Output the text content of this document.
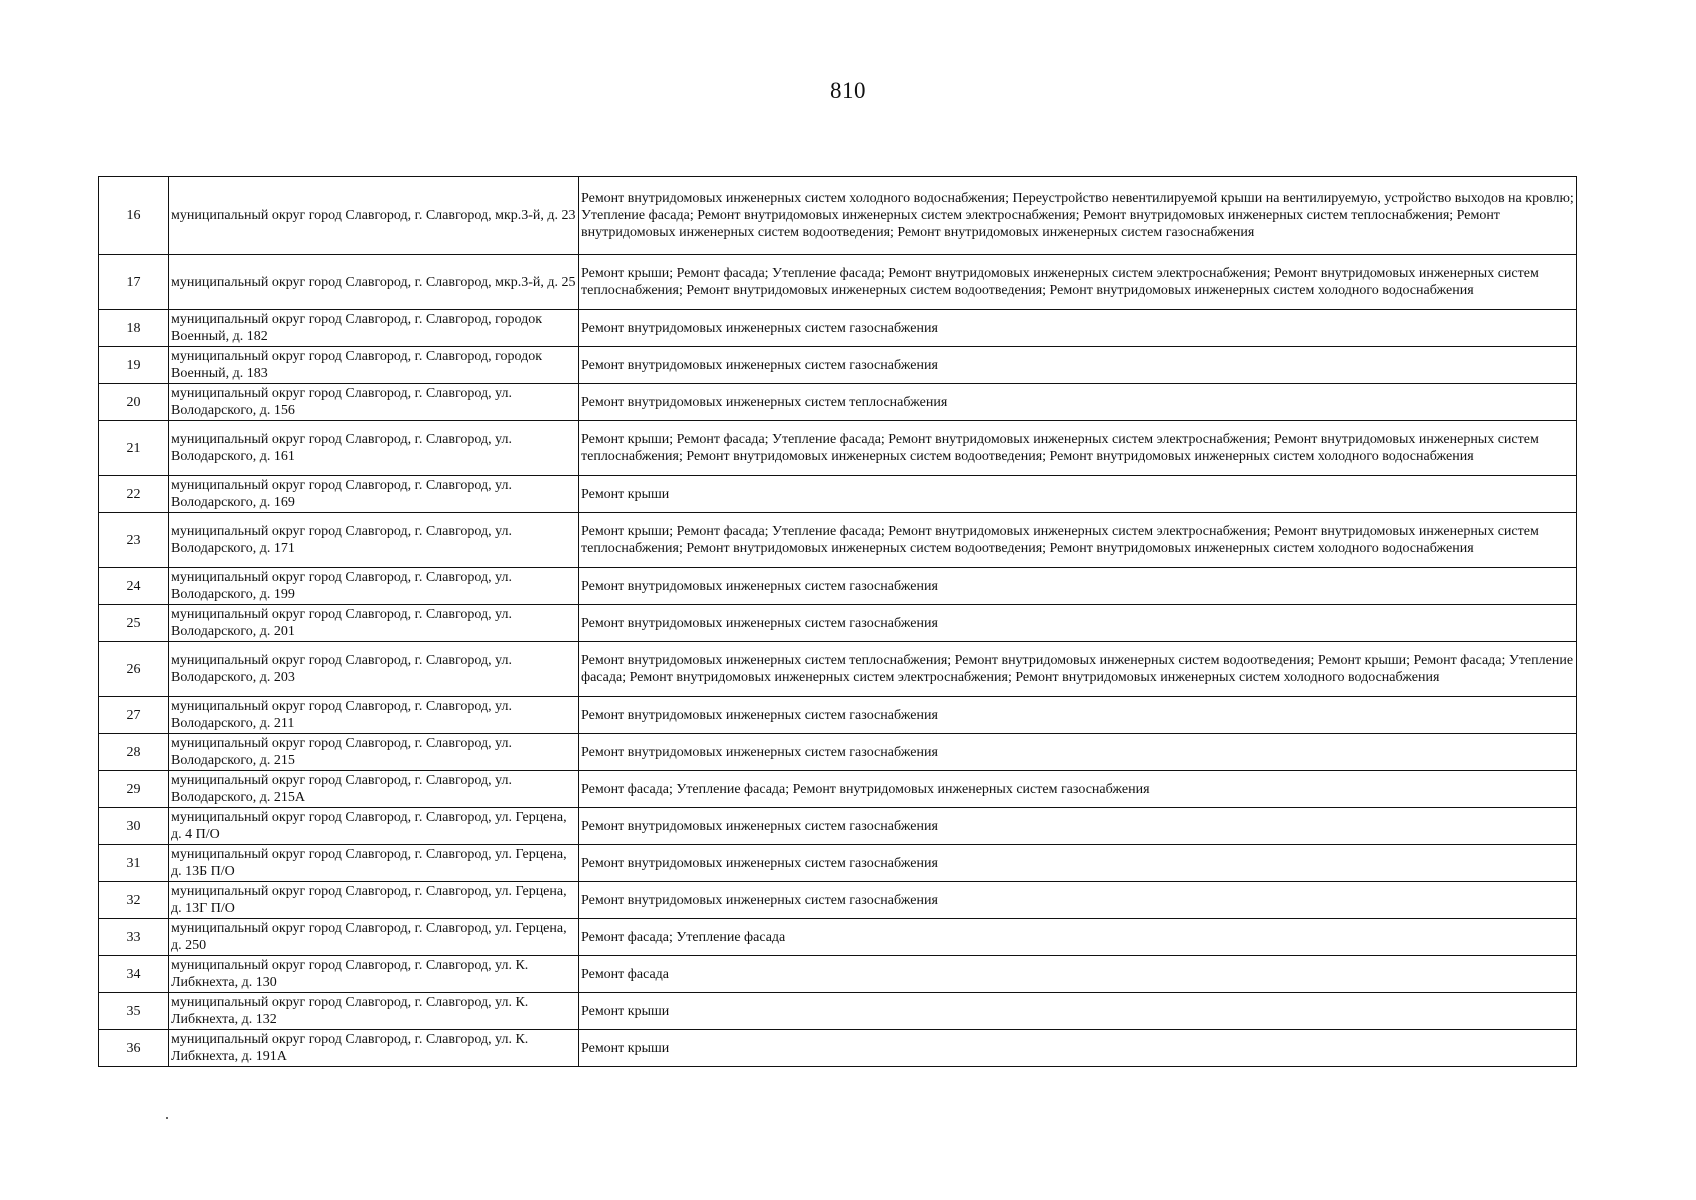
810
16	муниципальный округ город Славгород, г. Славгород, мкр.3-й, д. 23	Ремонт внутридомовых инженерных систем холодного водоснабжения; Переустройство невентилируемой крыши на вентилируемую, устройство выходов на кровлю; Утепление фасада; Ремонт внутридомовых инженерных систем электроснабжения; Ремонт внутридомовых инженерных систем теплоснабжения; Ремонт внутридомовых инженерных систем водоотведения; Ремонт внутридомовых инженерных систем газоснабжения
17	муниципальный округ город Славгород, г. Славгород, мкр.3-й, д. 25	Ремонт крыши; Ремонт фасада; Утепление фасада; Ремонт внутридомовых инженерных систем электроснабжения; Ремонт внутридомовых инженерных систем теплоснабжения; Ремонт внутридомовых инженерных систем водоотведения; Ремонт внутридомовых инженерных систем холодного водоснабжения
18	муниципальный округ город Славгород, г. Славгород, городок Военный, д. 182	Ремонт внутридомовых инженерных систем газоснабжения
19	муниципальный округ город Славгород, г. Славгород, городок Военный, д. 183	Ремонт внутридомовых инженерных систем газоснабжения
20	муниципальный округ город Славгород, г. Славгород, ул. Володарского, д. 156	Ремонт внутридомовых инженерных систем теплоснабжения
21	муниципальный округ город Славгород, г. Славгород, ул. Володарского, д. 161	Ремонт крыши; Ремонт фасада; Утепление фасада; Ремонт внутридомовых инженерных систем электроснабжения; Ремонт внутридомовых инженерных систем теплоснабжения; Ремонт внутридомовых инженерных систем водоотведения; Ремонт внутридомовых инженерных систем холодного водоснабжения
22	муниципальный округ город Славгород, г. Славгород, ул. Володарского, д. 169	Ремонт крыши
23	муниципальный округ город Славгород, г. Славгород, ул. Володарского, д. 171	Ремонт крыши; Ремонт фасада; Утепление фасада; Ремонт внутридомовых инженерных систем электроснабжения; Ремонт внутридомовых инженерных систем теплоснабжения; Ремонт внутридомовых инженерных систем водоотведения; Ремонт внутридомовых инженерных систем холодного водоснабжения
24	муниципальный округ город Славгород, г. Славгород, ул. Володарского, д. 199	Ремонт внутридомовых инженерных систем газоснабжения
25	муниципальный округ город Славгород, г. Славгород, ул. Володарского, д. 201	Ремонт внутридомовых инженерных систем газоснабжения
26	муниципальный округ город Славгород, г. Славгород, ул. Володарского, д. 203	Ремонт внутридомовых инженерных систем теплоснабжения; Ремонт внутридомовых инженерных систем водоотведения; Ремонт крыши; Ремонт фасада; Утепление фасада; Ремонт внутридомовых инженерных систем электроснабжения; Ремонт внутридомовых инженерных систем холодного водоснабжения
27	муниципальный округ город Славгород, г. Славгород, ул. Володарского, д. 211	Ремонт внутридомовых инженерных систем газоснабжения
28	муниципальный округ город Славгород, г. Славгород, ул. Володарского, д. 215	Ремонт внутридомовых инженерных систем газоснабжения
29	муниципальный округ город Славгород, г. Славгород, ул. Володарского, д. 215А	Ремонт фасада; Утепление фасада; Ремонт внутридомовых инженерных систем газоснабжения
30	муниципальный округ город Славгород, г. Славгород, ул. Герцена, д. 4 П/О	Ремонт внутридомовых инженерных систем газоснабжения
31	муниципальный округ город Славгород, г. Славгород, ул. Герцена, д. 13Б П/О	Ремонт внутридомовых инженерных систем газоснабжения
32	муниципальный округ город Славгород, г. Славгород, ул. Герцена, д. 13Г П/О	Ремонт внутридомовых инженерных систем газоснабжения
33	муниципальный округ город Славгород, г. Славгород, ул. Герцена, д. 250	Ремонт фасада; Утепление фасада
34	муниципальный округ город Славгород, г. Славгород, ул. К. Либкнехта, д. 130	Ремонт фасада
35	муниципальный округ город Славгород, г. Славгород, ул. К. Либкнехта, д. 132	Ремонт крыши
36	муниципальный округ город Славгород, г. Славгород, ул. К. Либкнехта, д. 191А	Ремонт крыши
